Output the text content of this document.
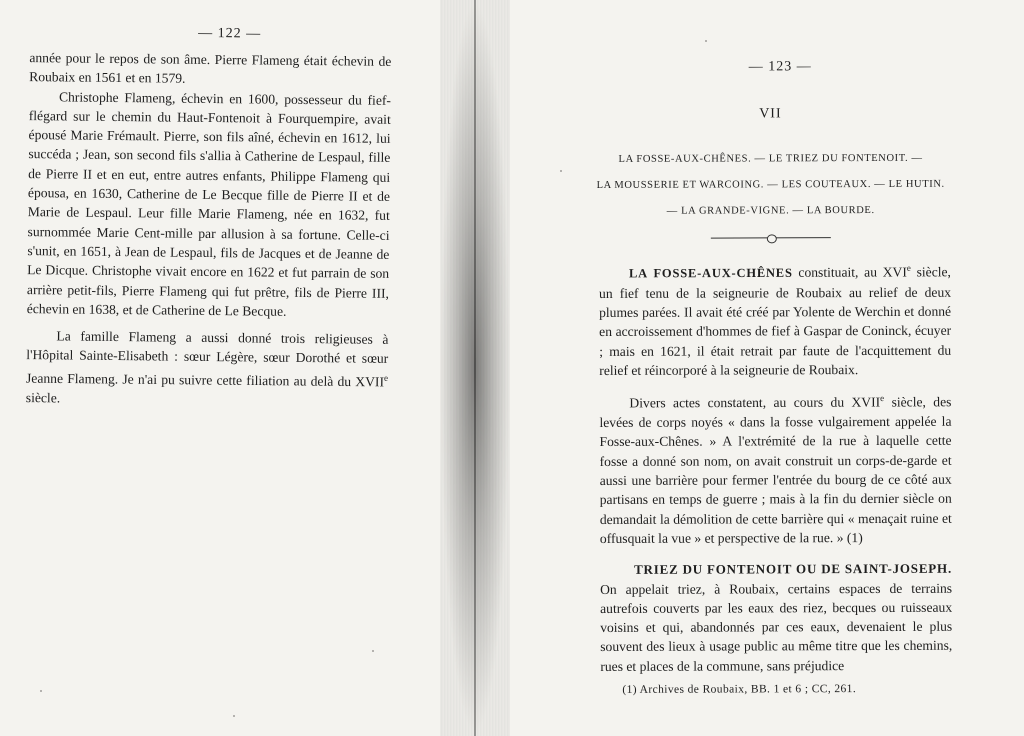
— 122 —

année pour le repos de son âme. Pierre Flameng était échevin de Roubaix en 1561 et en 1579.

Christophe Flameng, échevin en 1600, possesseur du fief-flégard sur le chemin du Haut-Fontenoit à Fourquempire, avait épousé Marie Frémault. Pierre, son fils aîné, échevin en 1612, lui succéda ; Jean, son second fils s'allia à Catherine de Lespaul, fille de Pierre II et en eut, entre autres enfants, Philippe Flameng qui épousa, en 1630, Catherine de Le Becque fille de Pierre II et de Marie de Lespaul. Leur fille Marie Flameng, née en 1632, fut surnommée Marie Cent-mille par allusion à sa fortune. Celle-ci s'unit, en 1651, à Jean de Lespaul, fils de Jacques et de Jeanne de Le Dicque. Christophe vivait encore en 1622 et fut parrain de son arrière petit-fils, Pierre Flameng qui fut prêtre, fils de Pierre III, échevin en 1638, et de Catherine de Le Becque.

La famille Flameng a aussi donné trois religieuses à l'Hôpital Sainte-Elisabeth : sœur Légère, sœur Dorothé et sœur Jeanne Flameng. Je n'ai pu suivre cette filiation au delà du XVIIe siècle.

— 123 —
VII
LA FOSSE-AUX-CHÊNES. — LE TRIEZ DU FONTENOIT. —
LA MOUSSERIE ET WARCOING. — LES COUTEAUX. — LE HUTIN.
— LA GRANDE-VIGNE. — LA BOURDE.

LA FOSSE-AUX-CHÊNES constituait, au XVIe siècle, un fief tenu de la seigneurie de Roubaix au relief de deux plumes parées. Il avait été créé par Yolente de Werchin et donné en accroissement d'hommes de fief à Gaspar de Coninck, écuyer ; mais en 1621, il était retrait par faute de l'acquittement du relief et réincorporé à la seigneurie de Roubaix.

Divers actes constatent, au cours du XVIIe siècle, des levées de corps noyés « dans la fosse vulgairement appelée la Fosse-aux-Chênes. » A l'extrémité de la rue à laquelle cette fosse a donné son nom, on avait construit un corps-de-garde et aussi une barrière pour fermer l'entrée du bourg de ce côté aux partisans en temps de guerre ; mais à la fin du dernier siècle on demandait la démolition de cette barrière qui « menaçait ruine et offusquait la vue » et perspective de la rue. » (1)

TRIEZ DU FONTENOIT OU DE SAINT-JOSEPH.

On appelait triez, à Roubaix, certains espaces de terrains autrefois couverts par les eaux des riez, becques ou ruisseaux voisins et qui, abandonnés par ces eaux, devenaient le plus souvent des lieux à usage public au même titre que les chemins, rues et places de la commune, sans préjudice

(1) Archives de Roubaix, BB. 1 et 6 ; CC, 261.
